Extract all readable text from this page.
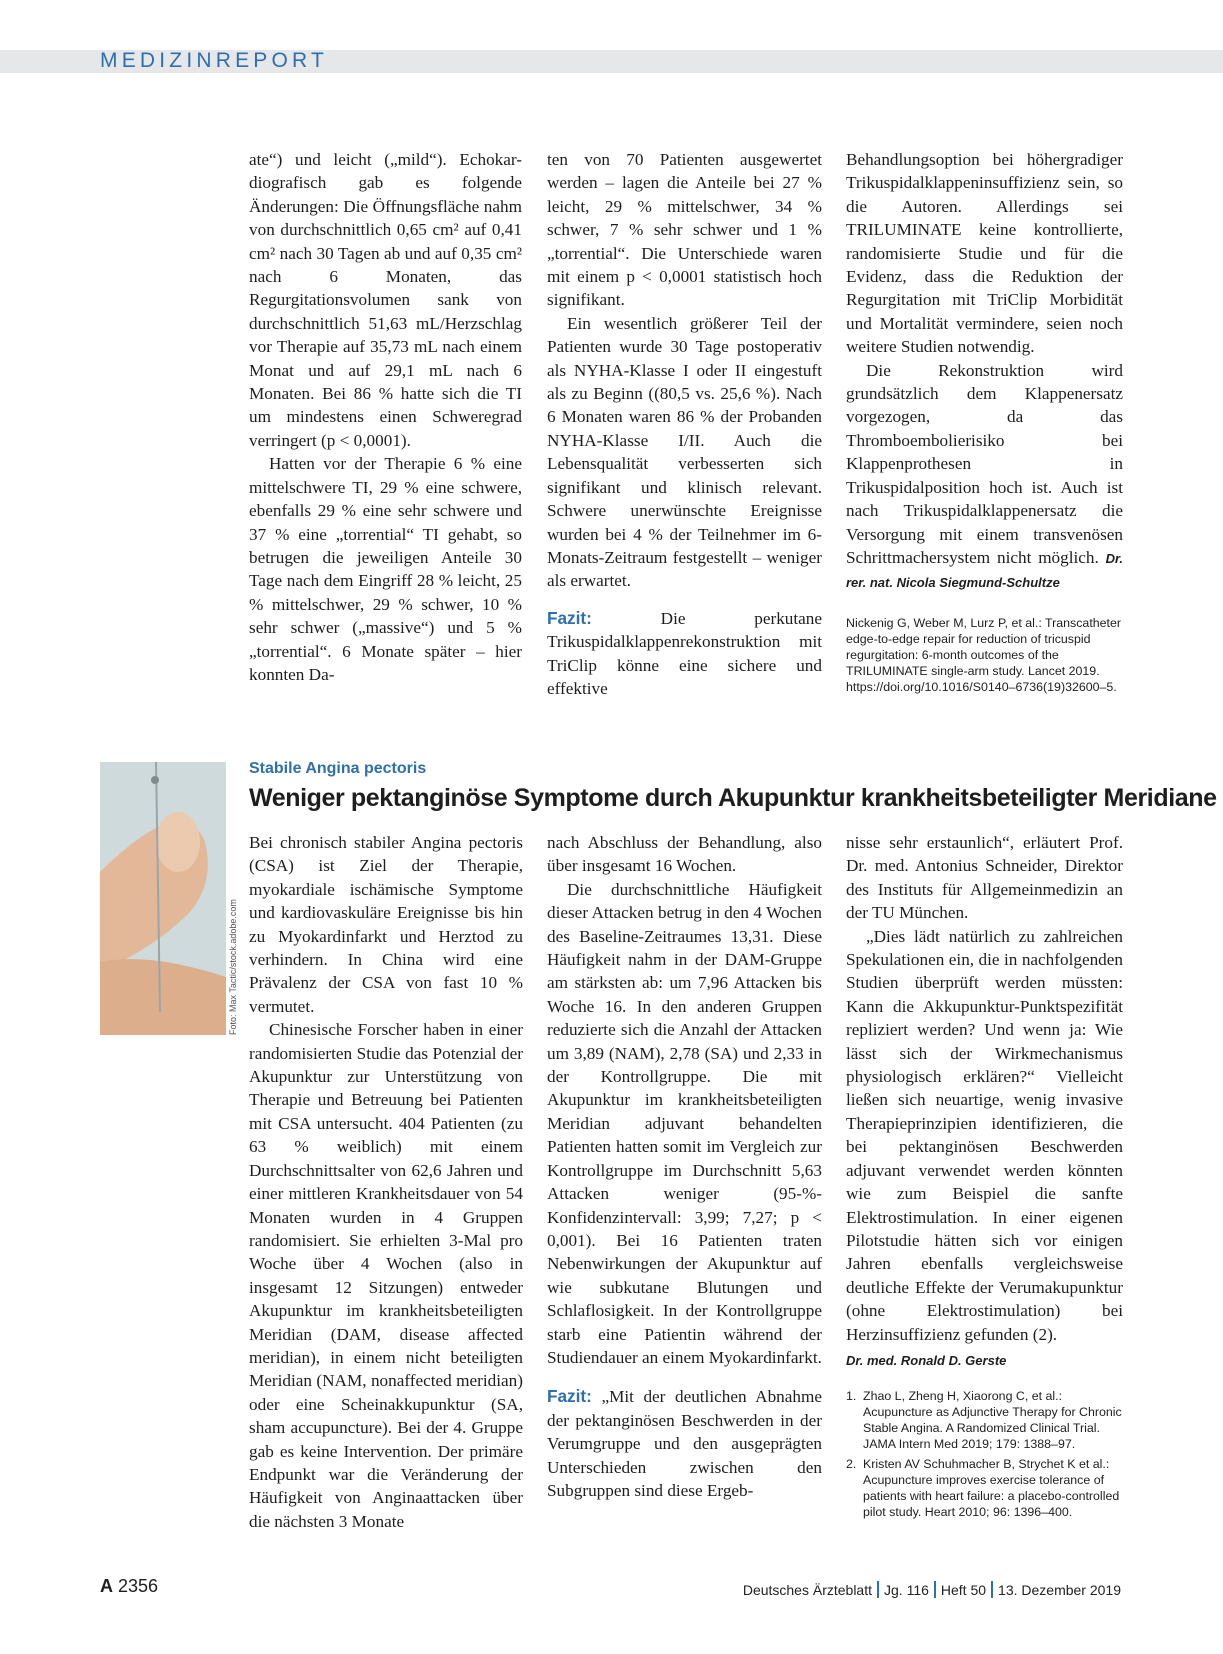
MEDIZINREPORT

ate“) und leicht („mild“). Echokar- diografisch gab es folgende Änderungen: Die Öffnungsfläche nahm von durchschnittlich 0,65 cm² auf 0,41 cm² nach 30 Tagen ab und auf 0,35 cm² nach 6 Monaten, das Regurgitationsvolumen sank von durchschnittlich 51,63 mL/Herzschlag vor Therapie auf 35,73 mL nach einem Monat und auf 29,1 mL nach 6 Monaten. Bei 86 % hatte sich die TI um mindestens einen Schweregrad verringert (p < 0,0001).

Hatten vor der Therapie 6 % eine mittelschwere TI, 29 % eine schwere, ebenfalls 29 % eine sehr schwere und 37 % eine „torrential“ TI gehabt, so betrugen die jeweiligen Anteile 30 Tage nach dem Eingriff 28 % leicht, 25 % mittelschwer, 29 % schwer, 10 % sehr schwer („massive“) und 5 % „torrential“. 6 Monate später – hier konnten Da-

ten von 70 Patienten ausgewertet werden – lagen die Anteile bei 27 % leicht, 29 % mittelschwer, 34 % schwer, 7 % sehr schwer und 1 % „torrential“. Die Unterschiede waren mit einem p < 0,0001 statistisch hoch signifikant.

Ein wesentlich größerer Teil der Patienten wurde 30 Tage postoperativ als NYHA-Klasse I oder II eingestuft als zu Beginn ((80,5 vs. 25,6 %). Nach 6 Monaten waren 86 % der Probanden NYHA-Klasse I/II. Auch die Lebensqualität verbesserten sich signifikant und klinisch relevant. Schwere unerwünschte Ereignisse wurden bei 4 % der Teilnehmer im 6-Monats-Zeitraum festgestellt – weniger als erwartet.

Fazit:	Die perkutane Trikuspidalklappenrekonstruktion mit TriClip könne eine sichere und effektive

Behandlungsoption bei höhergradiger Trikuspidalklappeninsuffizienz sein, so die Autoren. Allerdings sei TRILUMINATE keine kontrollierte, randomisierte Studie und für die Evidenz, dass die Reduktion der Regurgitation mit TriClip Morbidität und Mortalität vermindere, seien noch weitere Studien notwendig.

Die Rekonstruktion wird grundsätzlich dem Klappenersatz vorgezogen, da das Thromboembolierisiko bei Klappenprothesen in Trikuspidalposition hoch ist. Auch ist nach Trikuspidalklappenersatz die Versorgung mit einem transvenösen Schrittmachersystem nicht möglich. Dr. rer. nat. Nicola Siegmund-Schultze

Nickenig G, Weber M, Lurz P, et al.: Transcatheter edge-to-edge repair for reduction of tricuspid regurgitation: 6-month outcomes of the TRILUMINATE single-arm study. Lancet 2019. https://doi.org/10.1016/S0140–6736(19)32600–5.

Foto: Max Tactic/stock.adobe.com
Stabile Angina pectoris
Weniger pektanginöse Symptome durch Akupunktur krankheitsbeteiligter Meridiane

Bei chronisch stabiler Angina pectoris (CSA) ist Ziel der Therapie, myokardiale ischämische Symptome und kardiovaskuläre Ereignisse bis hin zu Myokardinfarkt und Herztod zu verhindern. In China wird eine Prävalenz der CSA von fast 10 % vermutet.

Chinesische Forscher haben in einer randomisierten Studie das Potenzial der Akupunktur zur Unterstützung von Therapie und Betreuung bei Patienten mit CSA untersucht. 404 Patienten (zu 63 % weiblich) mit einem Durchschnittsalter von 62,6 Jahren und einer mittleren Krankheitsdauer von 54 Monaten wurden in 4 Gruppen randomisiert. Sie erhielten 3-Mal pro Woche über 4 Wochen (also in insgesamt 12 Sitzungen) entweder Akupunktur im krankheitsbeteiligten Meridian (DAM, disease affected meridian), in einem nicht beteiligten Meridian (NAM, nonaffected meridian) oder eine Scheinakkupunktur (SA, sham accupuncture). Bei der 4. Gruppe gab es keine Intervention. Der primäre Endpunkt war die Veränderung der Häufigkeit von Anginaattacken über die nächsten 3 Monate

nach Abschluss der Behandlung, also über insgesamt 16 Wochen.

Die durchschnittliche Häufigkeit dieser Attacken betrug in den 4 Wochen des Baseline-Zeitraumes 13,31. Diese Häufigkeit nahm in der DAM-Gruppe am stärksten ab: um 7,96 Attacken bis Woche 16. In den anderen Gruppen reduzierte sich die Anzahl der Attacken um 3,89 (NAM), 2,78 (SA) und 2,33 in der Kontrollgruppe. Die mit Akupunktur im krankheitsbeteiligten Meridian adjuvant behandelten Patienten hatten somit im Vergleich zur Kontrollgruppe im Durchschnitt 5,63 Attacken weniger (95-%-Konfidenzintervall: 3,99; 7,27; p < 0,001). Bei 16 Patienten traten Nebenwirkungen der Akupunktur auf wie subkutane Blutungen und Schlaflosigkeit. In der Kontrollgruppe starb eine Patientin während der Studiendauer an einem Myokardinfarkt.

Fazit: „Mit der deutlichen Abnahme der pektanginösen Beschwerden in der Verumgruppe und den ausgeprägten Unterschieden zwischen den Subgruppen sind diese Ergeb-

nisse sehr erstaunlich“, erläutert Prof. Dr. med. Antonius Schneider, Direktor des Instituts für Allgemeinmedizin an der TU München.

„Dies lädt natürlich zu zahlreichen Spekulationen ein, die in nachfolgenden Studien überprüft werden müssten: Kann die Akkupunktur-Punktspezifität repliziert werden? Und wenn ja: Wie lässt sich der Wirkmechanismus physiologisch erklären?“ Vielleicht ließen sich neuartige, wenig invasive Therapieprinzipien identifizieren, die bei pektanginösen Beschwerden adjuvant verwendet werden könnten wie zum Beispiel die sanfte Elektrostimulation. In einer eigenen Pilotstudie hätten sich vor einigen Jahren ebenfalls vergleichsweise deutliche Effekte der Verumakupunktur (ohne Elektrostimulation) bei Herzinsuffizienz gefunden (2).

Dr. med. Ronald D. Gerste

1. Zhao L, Zheng H, Xiaorong C, et al.: Acupuncture as Adjunctive Therapy for Chronic Stable Angina. A Randomized Clinical Trial. JAMA Intern Med 2019; 179: 1388–97.
2. Kristen AV Schuhmacher B, Strychet K et al.: Acupuncture improves exercise tolerance of patients with heart failure: a placebo-controlled pilot study. Heart 2010; 96: 1396–400.
A 2356	Deutsches Ärzteblatt Jg. 116 Heft 50 13. Dezember 2019
